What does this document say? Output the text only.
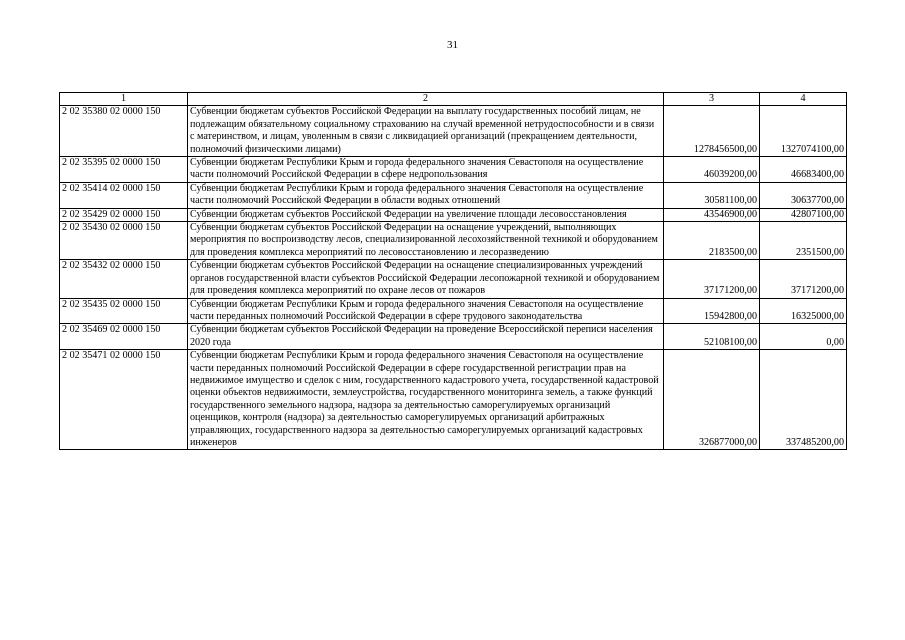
31
1	2	3	4
2 02 35380 02 0000 150	Субвенции бюджетам субъектов Российской Федерации на выплату государственных пособий лицам, не подлежащим обязательному социальному страхованию на случай временной нетрудоспособности и в связи с материнством, и лицам, уволенным в связи с ликвидацией организаций (прекращением деятельности, полномочий физическими лицами)	1278456500,00	1327074100,00
2 02 35395 02 0000 150	Субвенции бюджетам Республики Крым и города федерального значения Севастополя на осуществление части полномочий Российской Федерации в сфере недропользования	46039200,00	46683400,00
2 02 35414 02 0000 150	Субвенции бюджетам Республики Крым и города федерального значения Севастополя на осуществление части полномочий Российской Федерации в области водных отношений	30581100,00	30637700,00
2 02 35429 02 0000 150	Субвенции бюджетам субъектов Российской Федерации на увеличение площади лесовосстановления	43546900,00	42807100,00
2 02 35430 02 0000 150	Субвенции бюджетам субъектов Российской Федерации на оснащение учреждений, выполняющих мероприятия по воспроизводству лесов, специализированной лесохозяйственной техникой и оборудованием для проведения комплекса мероприятий по лесовосстановлению и лесоразведению	2183500,00	2351500,00
2 02 35432 02 0000 150	Субвенции бюджетам субъектов Российской Федерации на оснащение специализированных учреждений органов государственной власти субъектов Российской Федерации лесопожарной техникой и оборудованием для проведения комплекса мероприятий по охране лесов от пожаров	37171200,00	37171200,00
2 02 35435 02 0000 150	Субвенции бюджетам Республики Крым и города федерального значения Севастополя на осуществление части переданных полномочий Российской Федерации в сфере трудового законодательства	15942800,00	16325000,00
2 02 35469 02 0000 150	Субвенции бюджетам субъектов Российской Федерации на проведение Всероссийской переписи населения 2020 года	52108100,00	0,00
2 02 35471 02 0000 150	Субвенции бюджетам Республики Крым и города федерального значения Севастополя на осуществление части переданных полномочий Российской Федерации в сфере государственной регистрации прав на недвижимое имущество и сделок с ним, государственного кадастрового учета, государственной кадастровой оценки объектов недвижимости, землеустройства, государственного мониторинга земель, а также функций государственного земельного надзора, надзора за деятельностью саморегулируемых организаций оценщиков, контроля (надзора) за деятельностью саморегулируемых организаций арбитражных управляющих, государственного надзора за деятельностью саморегулируемых организаций кадастровых инженеров	326877000,00	337485200,00
